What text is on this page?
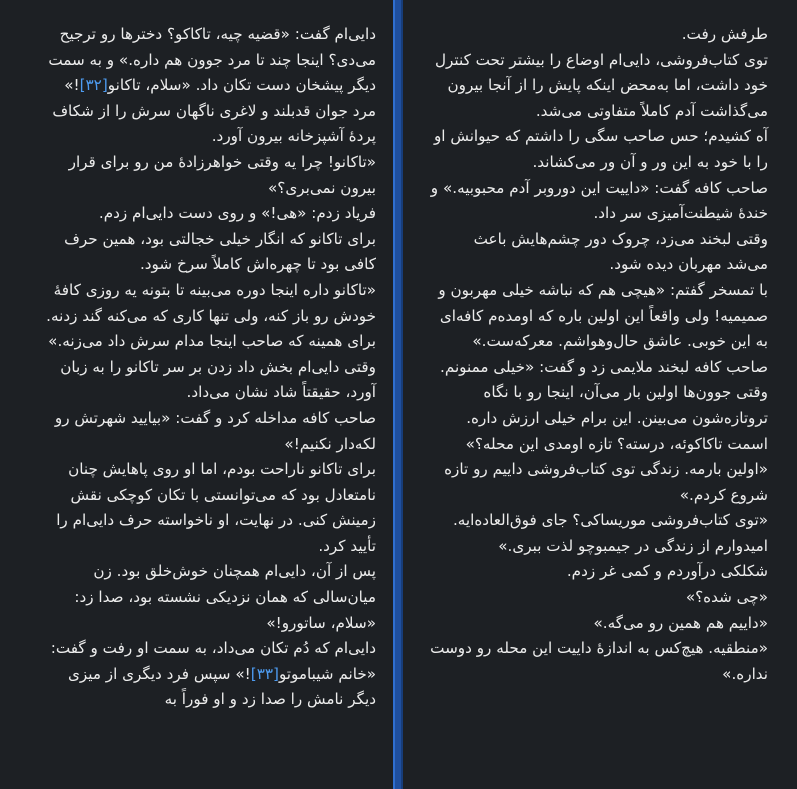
دایی‌ام گفت: «قضیه چیه، تاکاکو؟ دخترها رو ترجیح می‌دی؟ اینجا چند تا مرد جوون هم داره.» و به سمت دیگر پیشخان دست تکان داد. «سلام، تاکانو[۳۲]!»

مرد جوان قدبلند و لاغری ناگهان سرش را از شکاف پردهٔ آشپزخانه بیرون آورد.

«تاکانو! چرا یه وقتی خواهرزادهٔ من رو برای قرار بیرون نمی‌بری؟»

فریاد زدم: «هی!» و روی دست دایی‌ام زدم.

برای تاکانو که انگار خیلی خجالتی بود، همین حرف کافی بود تا چهره‌اش کاملاً سرخ شود.

«تاکانو داره اینجا دوره می‌بینه تا بتونه یه روزی کافهٔ خودش رو باز کنه، ولی تنها کاری که می‌کنه گند زدنه. برای همینه که صاحب اینجا مدام سرش داد می‌زنه.» وقتی دایی‌ام بخش داد زدن بر سر تاکانو را به زبان آورد، حقیقتاً شاد نشان می‌داد.

صاحب کافه مداخله کرد و گفت: «بیایید شهرتش رو لکه‌دار نکنیم!»

برای تاکانو ناراحت بودم، اما او روی پاهایش چنان نامتعادل بود که می‌توانستی با تکان کوچکی نقش زمینش کنی. در نهایت، او ناخواسته حرف دایی‌ام را تأیید کرد.

پس از آن، دایی‌ام همچنان خوش‌خلق بود. زن میان‌سالی که همان نزدیکی نشسته بود، صدا زد: «سلام، ساتورو!»

دایی‌ام که دُم تکان می‌داد، به سمت او رفت و گفت: «خانم شیباموتو[۳۳]!» سپس فرد دیگری از میزی دیگر نامش را صدا زد و او فوراً به

طرفش رفت.

توی کتاب‌فروشی، دایی‌ام اوضاع را بیشتر تحت کنترل خود داشت، اما به‌محض اینکه پایش را از آنجا بیرون می‌گذاشت آدم کاملاً متفاوتی می‌شد.

آه کشیدم؛ حس صاحب سگی را داشتم که حیوانش او را با خود به این ور و آن ور می‌کشاند.

صاحب کافه گفت: «داییت این دوروبر آدم محبوبیه.» و خندهٔ شیطنت‌آمیزی سر داد.

وقتی لبخند می‌زد، چروک دور چشم‌هایش باعث می‌شد مهربان دیده شود.

با تمسخر گفتم: «هیچی هم که نباشه خیلی مهربون و صمیمیه! ولی واقعاً این اولین باره که اومده‌م کافه‌ای به این خوبی. عاشق حال‌وهواشم. معرکه‌ست.»

صاحب کافه لبخند ملایمی زد و گفت: «خیلی ممنونم. وقتی جوون‌ها اولین بار می‌آن، اینجا رو با نگاه تروتازه‌شون می‌بینن. این برام خیلی ارزش داره. اسمت تاکاکوئه، درسته؟ تازه اومدی این محله؟»

«اولین بارمه. زندگی توی کتاب‌فروشی داییم رو تازه شروع کردم.»

«توی کتاب‌فروشی موریساکی؟ جای فوق‌العاده‌ایه. امیدوارم از زندگی در جیمبوچو لذت ببری.»

شکلکی درآوردم و کمی غر زدم.

«چی شده؟»

«داییم هم همین رو می‌گه.»

«منطقیه. هیچ‌کس به اندازهٔ داییت این محله رو دوست نداره.»
